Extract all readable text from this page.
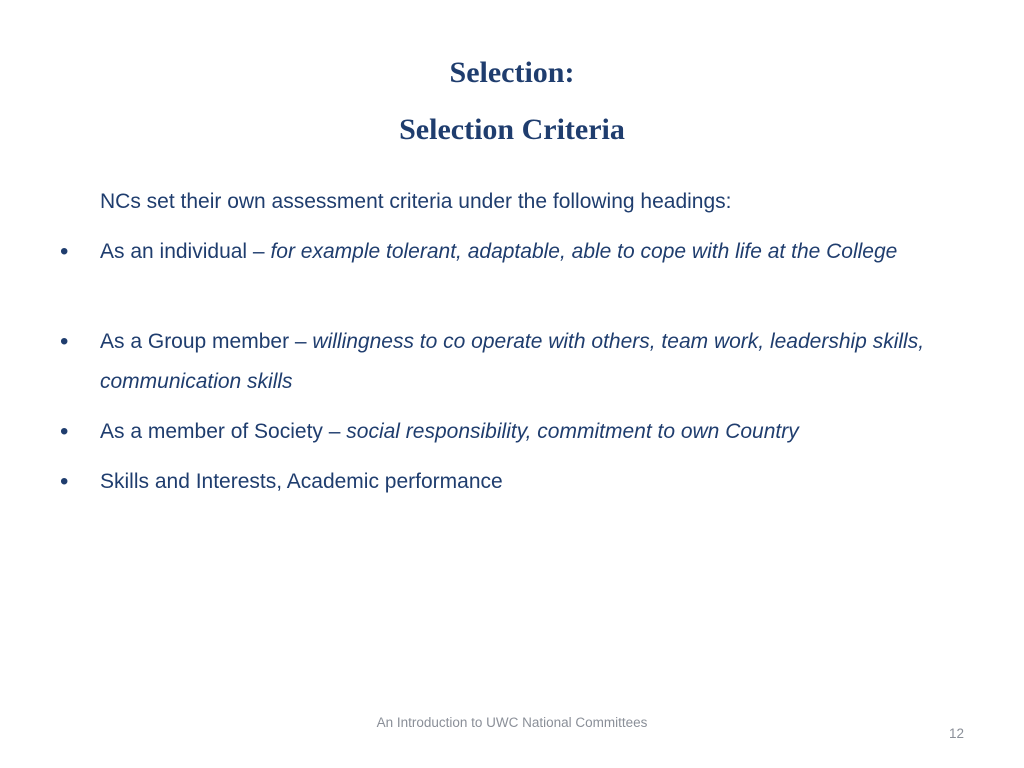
Selection:
Selection Criteria
NCs set their own assessment criteria under the following headings:
•	As an individual – for example tolerant, adaptable, able to cope with life at the College
•	As a Group member – willingness to co operate with others, team work, leadership skills, communication skills
•	As a member of Society – social responsibility, commitment to own Country
•	Skills and Interests, Academic performance
An Introduction to UWC National Committees
12
